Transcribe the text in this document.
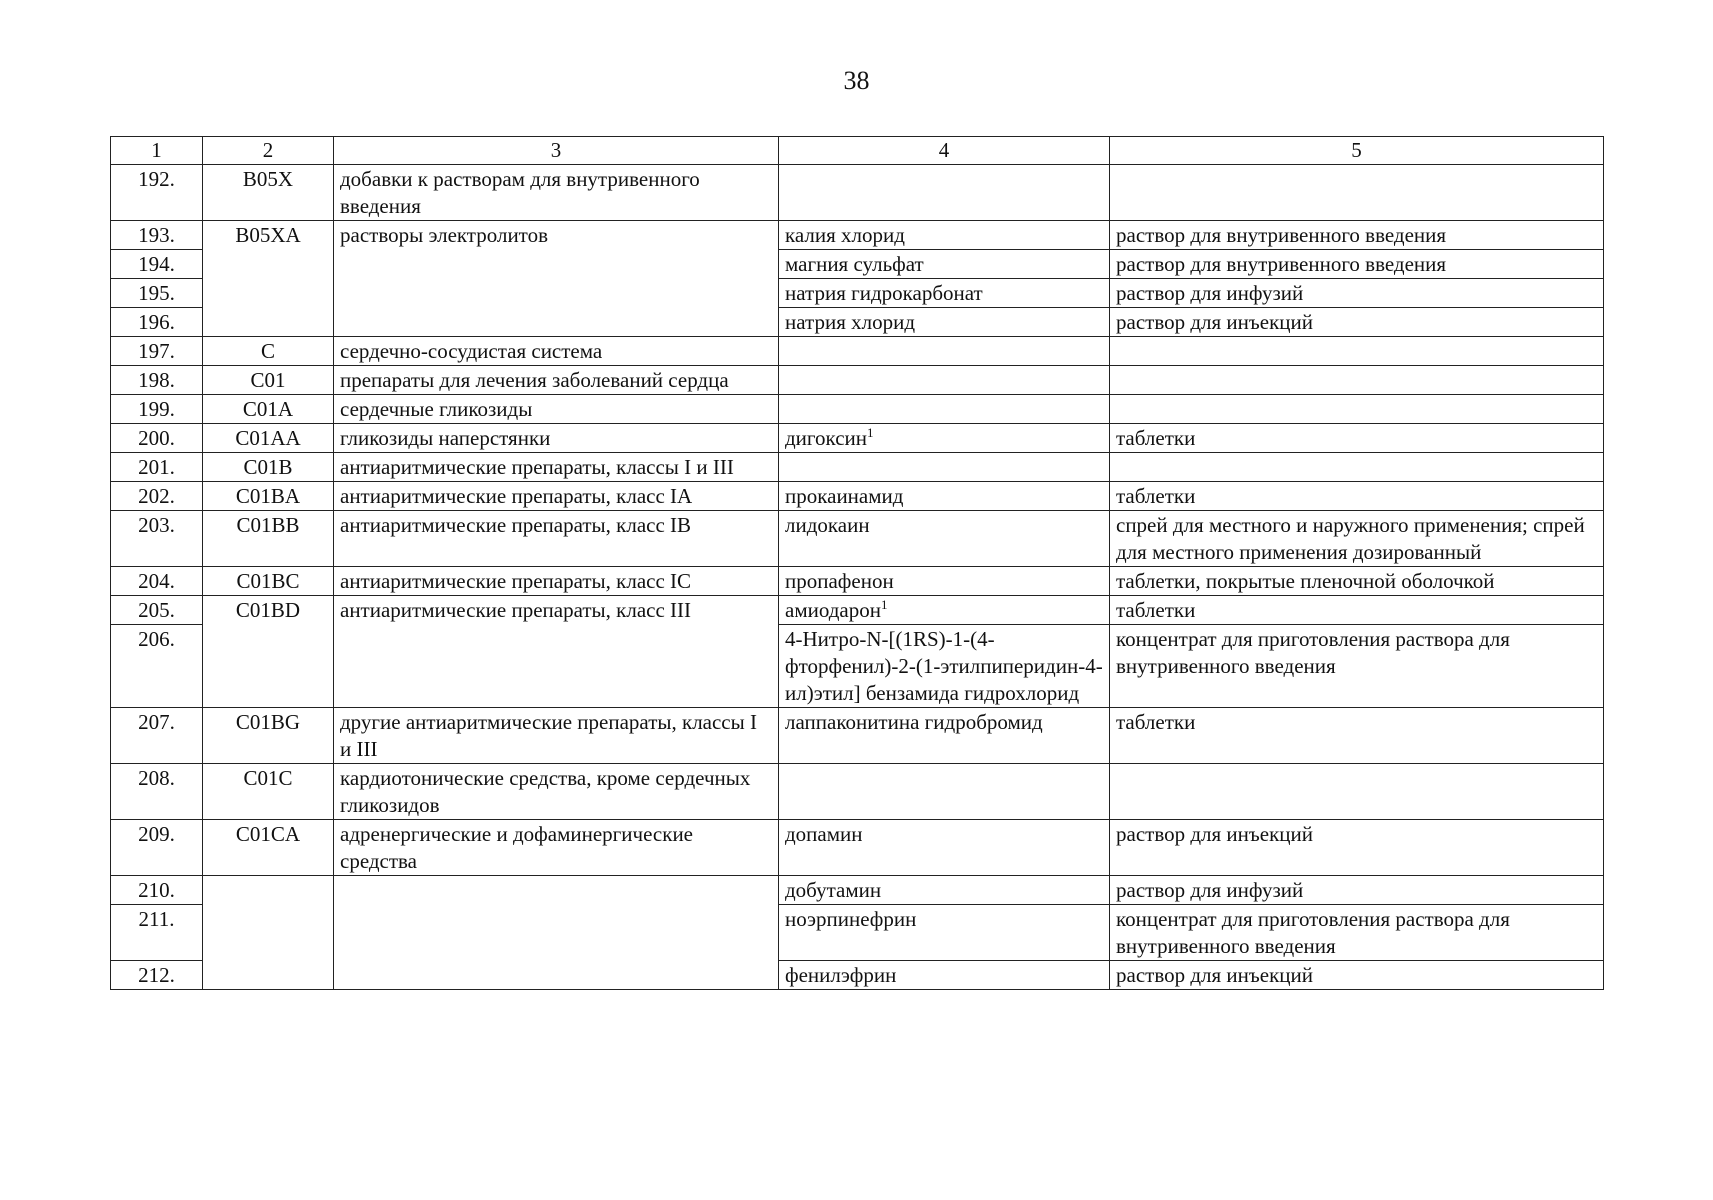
38
1	2	3	4	5
192.	B05X	добавки к растворам для внутривенного введения		
193.	B05XA	растворы электролитов	калия хлорид	раствор для внутривенного введения
194.			магния сульфат	раствор для внутривенного введения
195.			натрия гидрокарбонат	раствор для инфузий
196.			натрия хлорид	раствор для инъекций
197.	C	сердечно-сосудистая система		
198.	C01	препараты для лечения заболеваний сердца		
199.	C01A	сердечные гликозиды		
200.	C01AA	гликозиды наперстянки	дигоксин$^1$	таблетки
201.	C01B	антиаритмические препараты, классы I и III		
202.	C01BA	антиаритмические препараты, класс IA	прокаинамид	таблетки
203.	C01BB	антиаритмические препараты, класс IB	лидокаин	спрей для местного и наружного применения; спрей для местного применения дозированный
204.	C01BC	антиаритмические препараты, класс IC	пропафенон	таблетки, покрытые пленочной оболочкой
205.	C01BD	антиаритмические препараты, класс III	амиодарон$^1$	таблетки
206.			4-Нитро-N-[(1RS)-1-(4-фторфенил)-2-(1-этилпиперидин-4-ил)этил] бензамида гидрохлорид	концентрат для приготовления раствора для внутривенного введения
207.	C01BG	другие антиаритмические препараты, классы I и III	лаппаконитина гидробромид	таблетки
208.	C01C	кардиотонические средства, кроме сердечных гликозидов		
209.	C01CA	адренергические и дофаминергические средства	допамин	раствор для инъекций
210.			добутамин	раствор для инфузий
211.			ноэрпинефрин	концентрат для приготовления раствора для внутривенного введения
212.			фенилэфрин	раствор для инъекций
